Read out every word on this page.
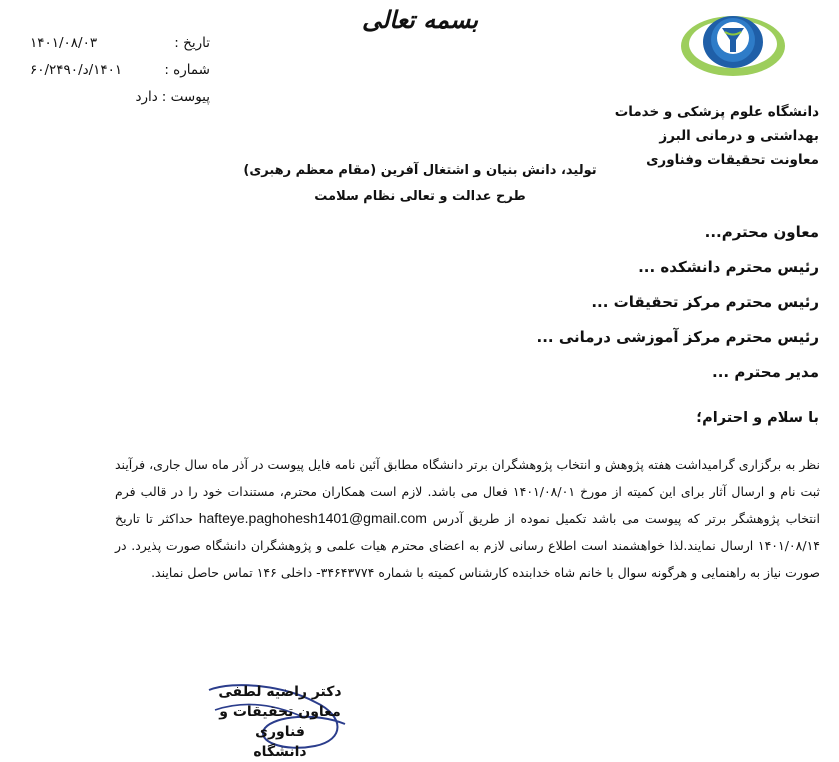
بسمه تعالی
دانشگاه علوم پزشکی و خدمات
بهداشتی و درمانی البرز
معاونت تحقیقات وفناوری
تاریخ :
۱۴۰۱/۰۸/۰۳
شماره :
۱۴۰۱/د/۶۰/۲۴۹۰
پیوست :
دارد
تولید، دانش بنیان و اشتغال آفرین (مقام معظم رهبری)
طرح عدالت و تعالی نظام سلامت
معاون محترم...
رئیس محترم دانشکده ...
رئیس محترم مرکز تحقیقات ...
رئیس محترم مرکز آموزشی درمانی ...
مدیر محترم ...
با سلام و احترام؛
نظر به برگزاری گرامیداشت هفته پژوهش و انتخاب پژوهشگران برتر دانشگاه مطابق آئین نامه فایل پیوست در آذر ماه سال جاری، فرآیند ثبت نام و ارسال آثار برای این کمیته از مورخ ۱۴۰۱/۰۸/۰۱ فعال می باشد. لازم است همکاران محترم، مستندات خود را در قالب فرم انتخاب پژوهشگر برتر که پیوست می باشد تکمیل نموده از طریق آدرس hafteye.paghohesh1401@gmail.com حداکثر تا تاریخ ۱۴۰۱/۰۸/۱۴ ارسال نمایند.لذا خواهشمند است اطلاع رسانی لازم به اعضای محترم هیات علمی و پژوهشگران دانشگاه صورت پذیرد. در صورت نیاز به راهنمایی و هرگونه سوال با خانم شاه خدابنده کارشناس کمیته با شماره ۳۴۶۴۳۷۷۴- داخلی ۱۴۶ تماس حاصل نمایند.
دکتر راضیه لطفی
معاون تحقیقات و فناوری
دانشگاه
